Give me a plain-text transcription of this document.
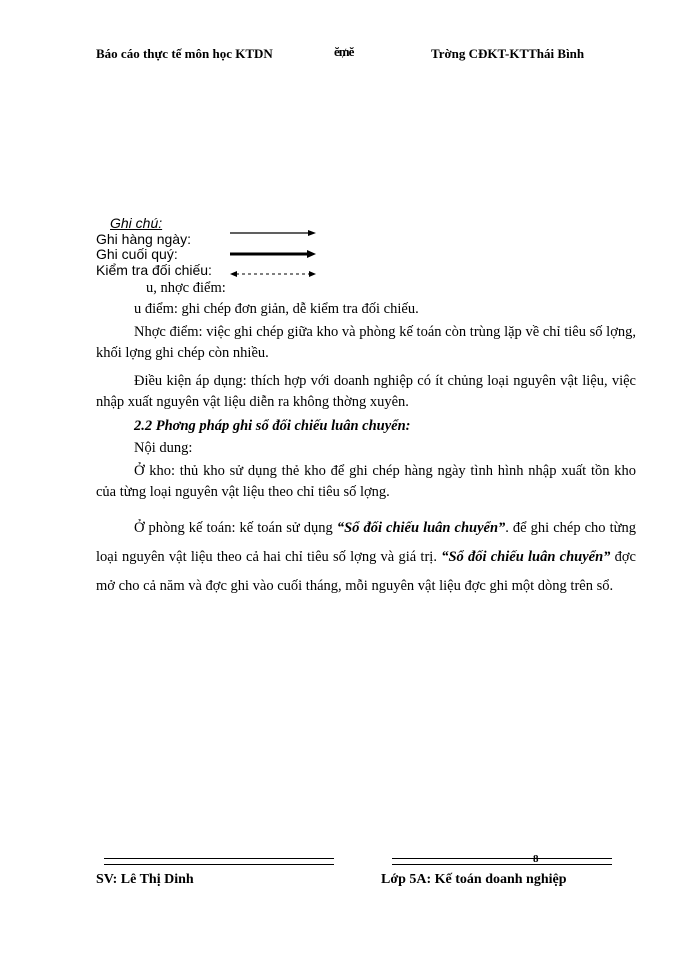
Báo cáo thực tế môn học KTDN	ĕ₥ĕ	Trờng CĐKT-KTThái Bình
Ghi chú:
Ghi hàng ngày:
Ghi cuối quý:
Kiểm tra đối chiếu:
u, nhợc điểm:
u điểm: ghi chép đơn giản, dễ kiểm tra đối chiếu.
Nhợc điểm: việc ghi chép giữa kho và phòng kế toán còn trùng lặp về chỉ tiêu số lợng, khối lợng ghi chép còn nhiều.
Điều kiện áp dụng: thích hợp với doanh nghiệp có ít chủng loại nguyên vật liệu, việc nhập xuất nguyên vật liệu diễn ra không thờng xuyên.
2.2 Phơng pháp ghi sổ đối chiếu luân chuyển:
Nội dung:
Ở kho: thủ kho sử dụng thẻ kho để ghi chép hàng ngày tình hình nhập xuất tồn kho của từng loại nguyên vật liệu theo chỉ tiêu số lợng.
Ở phòng kế toán: kế toán sử dụng “Sổ đối chiếu luân chuyển”. để ghi chép cho từng loại nguyên vật liệu theo cả hai chỉ tiêu số lợng và giá trị. “Sổ đối chiếu luân chuyển” đợc mở cho cả năm và đợc ghi vào cuối tháng, mỗi nguyên vật liệu đợc ghi một dòng trên sổ.
8
SV: Lê Thị Dinh	Lớp 5A: Kế toán doanh nghiệp
